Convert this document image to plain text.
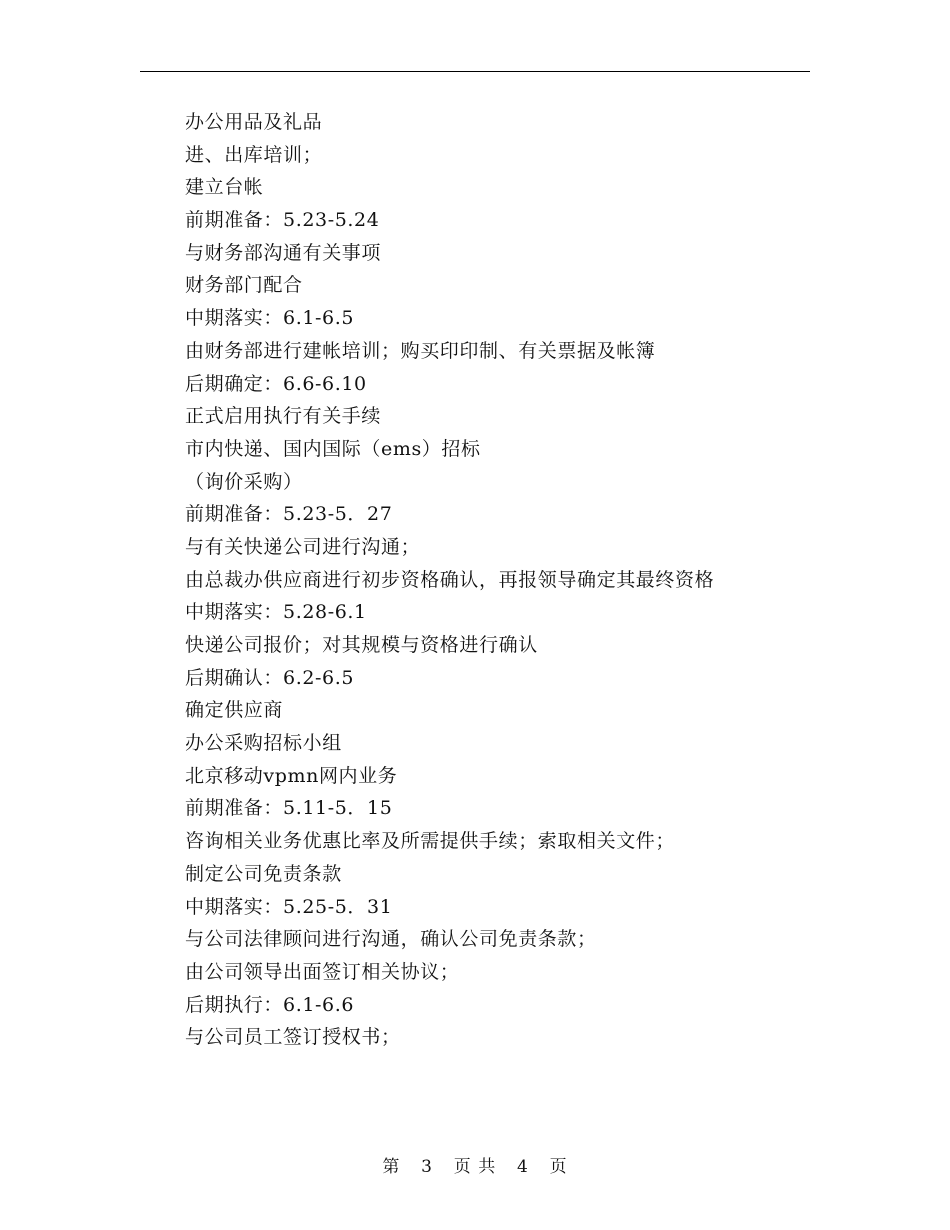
办公用品及礼品
进、出库培训；
建立台帐
前期准备：5.23-5.24
与财务部沟通有关事项
财务部门配合
中期落实：6.1-6.5
由财务部进行建帐培训；购买印印制、有关票据及帐簿
后期确定：6.6-6.10
正式启用执行有关手续
市内快递、国内国际（ems）招标
（询价采购）
前期准备：5.23-5．27
与有关快递公司进行沟通；
由总裁办供应商进行初步资格确认，再报领导确定其最终资格
中期落实：5.28-6.1
快递公司报价；对其规模与资格进行确认
后期确认：6.2-6.5
确定供应商
办公采购招标小组
北京移动vpmn网内业务
前期准备：5.11-5．15
咨询相关业务优惠比率及所需提供手续；索取相关文件；
制定公司免责条款
中期落实：5.25-5．31
与公司法律顾问进行沟通，确认公司免责条款；
由公司领导出面签订相关协议；
后期执行：6.1-6.6
与公司员工签订授权书；
第 3 页 共 4 页
